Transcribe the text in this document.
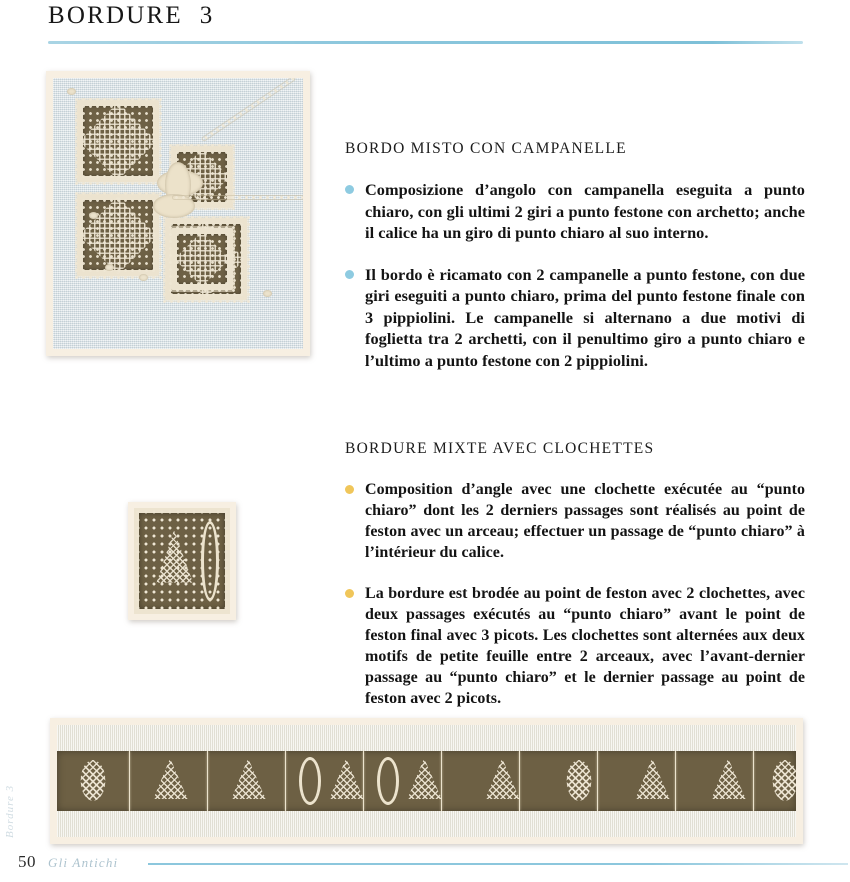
BORDURE  3
BORDO MISTO CON CAMPANELLE

Composizione d’angolo con campanella eseguita a punto chiaro, con gli ultimi 2 giri a punto festone con archetto; anche il calice ha un giro di punto chiaro al suo interno.

Il bordo è ricamato con 2 campanelle a punto festone, con due giri eseguiti a punto chiaro, prima del punto festone finale con 3 pippiolini. Le campanelle si alternano a due motivi di foglietta tra 2 archetti, con il penultimo giro a punto chiaro e l’ultimo a punto festone con 2 pippiolini.

BORDURE MIXTE AVEC CLOCHETTES

Composition d’angle avec une clochette exécutée au “punto chiaro” dont les 2 derniers passages sont réalisés au point de feston avec un arceau; effectuer un passage de “punto chiaro” à l’intérieur du calice.

La bordure est brodée au point de feston avec 2 clochettes, avec deux passages exécutés au “punto chiaro” avant le point de feston final avec 3 picots. Les clochettes sont alternées aux deux motifs de petite feuille entre 2 arceaux, avec l’avant-dernier passage au “punto chiaro” et le dernier passage au point de feston avec 2 picots.

50 Gli Antichi
Bordure 3
